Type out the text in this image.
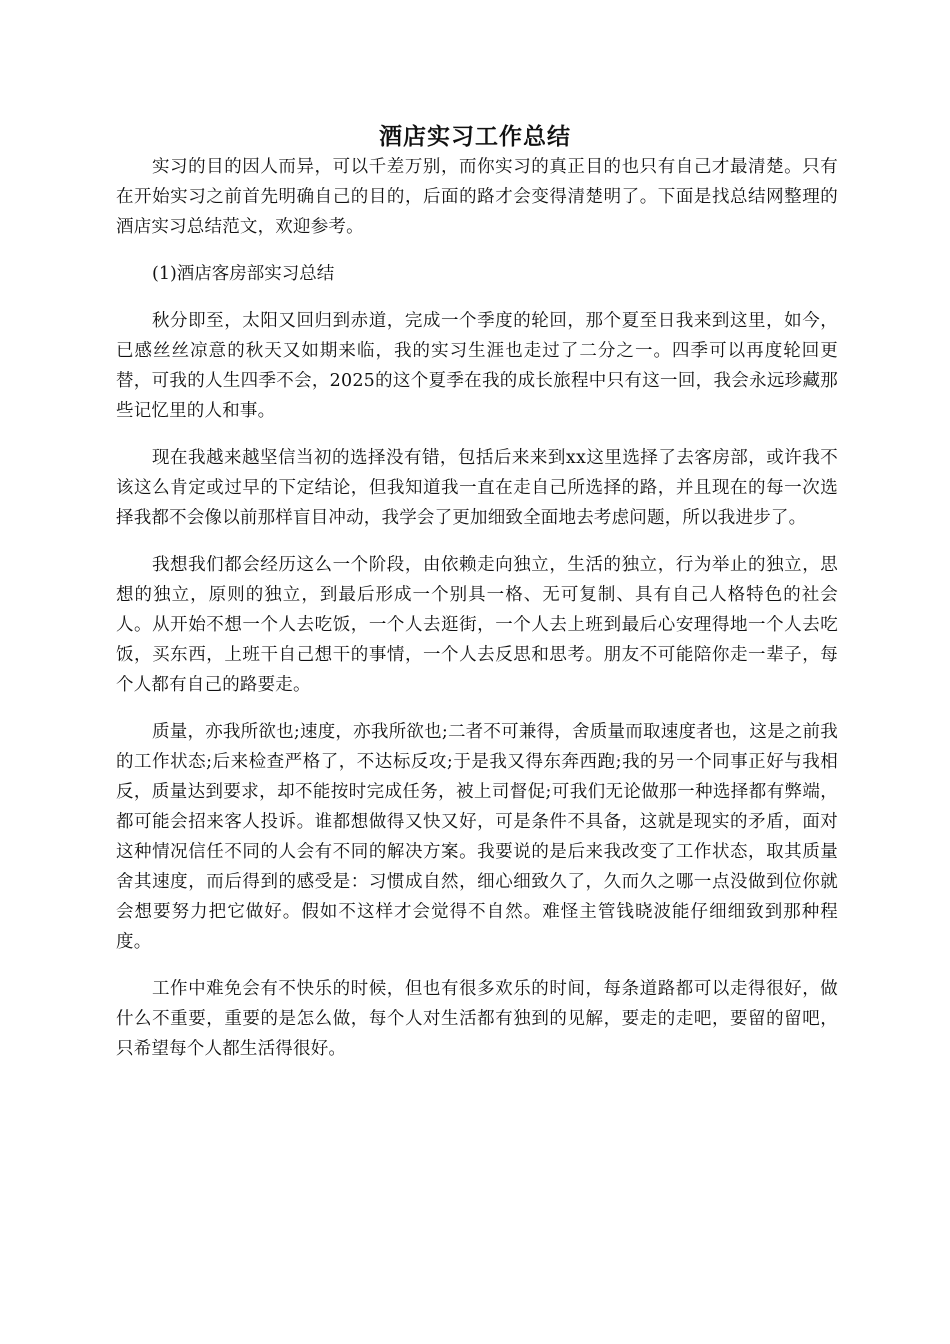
酒店实习工作总结

实习的目的因人而异，可以千差万别，而你实习的真正目的也只有自己才最清楚。只有在开始实习之前首先明确自己的目的，后面的路才会变得清楚明了。下面是找总结网整理的酒店实习总结范文，欢迎参考。

(1)酒店客房部实习总结

秋分即至，太阳又回归到赤道，完成一个季度的轮回，那个夏至日我来到这里，如今，已感丝丝凉意的秋天又如期来临，我的实习生涯也走过了二分之一。四季可以再度轮回更替，可我的人生四季不会，2025的这个夏季在我的成长旅程中只有这一回，我会永远珍藏那些记忆里的人和事。

现在我越来越坚信当初的选择没有错，包括后来来到xx这里选择了去客房部，或许我不该这么肯定或过早的下定结论，但我知道我一直在走自己所选择的路，并且现在的每一次选择我都不会像以前那样盲目冲动，我学会了更加细致全面地去考虑问题，所以我进步了。

我想我们都会经历这么一个阶段，由依赖走向独立，生活的独立，行为举止的独立，思想的独立，原则的独立，到最后形成一个别具一格、无可复制、具有自己人格特色的社会人。从开始不想一个人去吃饭，一个人去逛街，一个人去上班到最后心安理得地一个人去吃饭，买东西，上班干自己想干的事情，一个人去反思和思考。朋友不可能陪你走一辈子，每个人都有自己的路要走。

质量，亦我所欲也;速度，亦我所欲也;二者不可兼得，舍质量而取速度者也，这是之前我的工作状态;后来检查严格了，不达标反攻;于是我又得东奔西跑;我的另一个同事正好与我相反，质量达到要求，却不能按时完成任务，被上司督促;可我们无论做那一种选择都有弊端，都可能会招来客人投诉。谁都想做得又快又好，可是条件不具备，这就是现实的矛盾，面对这种情况信任不同的人会有不同的解决方案。我要说的是后来我改变了工作状态，取其质量舍其速度，而后得到的感受是：习惯成自然，细心细致久了，久而久之哪一点没做到位你就会想要努力把它做好。假如不这样才会觉得不自然。难怪主管钱晓波能仔细细致到那种程度。

工作中难免会有不快乐的时候，但也有很多欢乐的时间，每条道路都可以走得很好，做什么不重要，重要的是怎么做，每个人对生活都有独到的见解，要走的走吧，要留的留吧，只希望每个人都生活得很好。
